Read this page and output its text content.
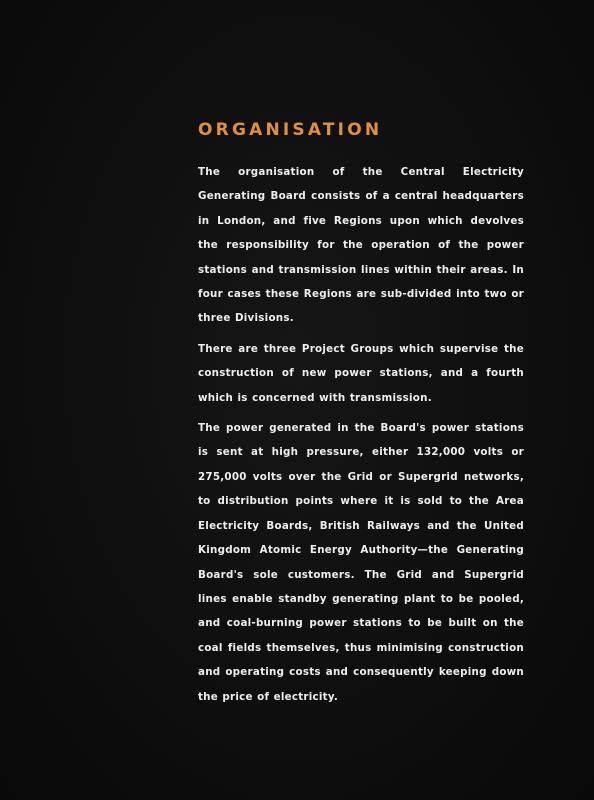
ORGANISATION

The organisation of the Central Electricity Generating Board consists of a central headquarters in London, and five Regions upon which devolves the responsibility for the operation of the power stations and transmission lines within their areas. In four cases these Regions are sub-divided into two or three Divisions.

There are three Project Groups which supervise the construction of new power stations, and a fourth which is concerned with transmission.

The power generated in the Board's power stations is sent at high pressure, either 132,000 volts or 275,000 volts over the Grid or Supergrid networks, to distribution points where it is sold to the Area Electricity Boards, British Railways and the United Kingdom Atomic Energy Authority—the Generating Board's sole customers. The Grid and Supergrid lines enable standby generating plant to be pooled, and coal-burning power stations to be built on the coal fields themselves, thus minimising construction and operating costs and consequently keeping down the price of electricity.
